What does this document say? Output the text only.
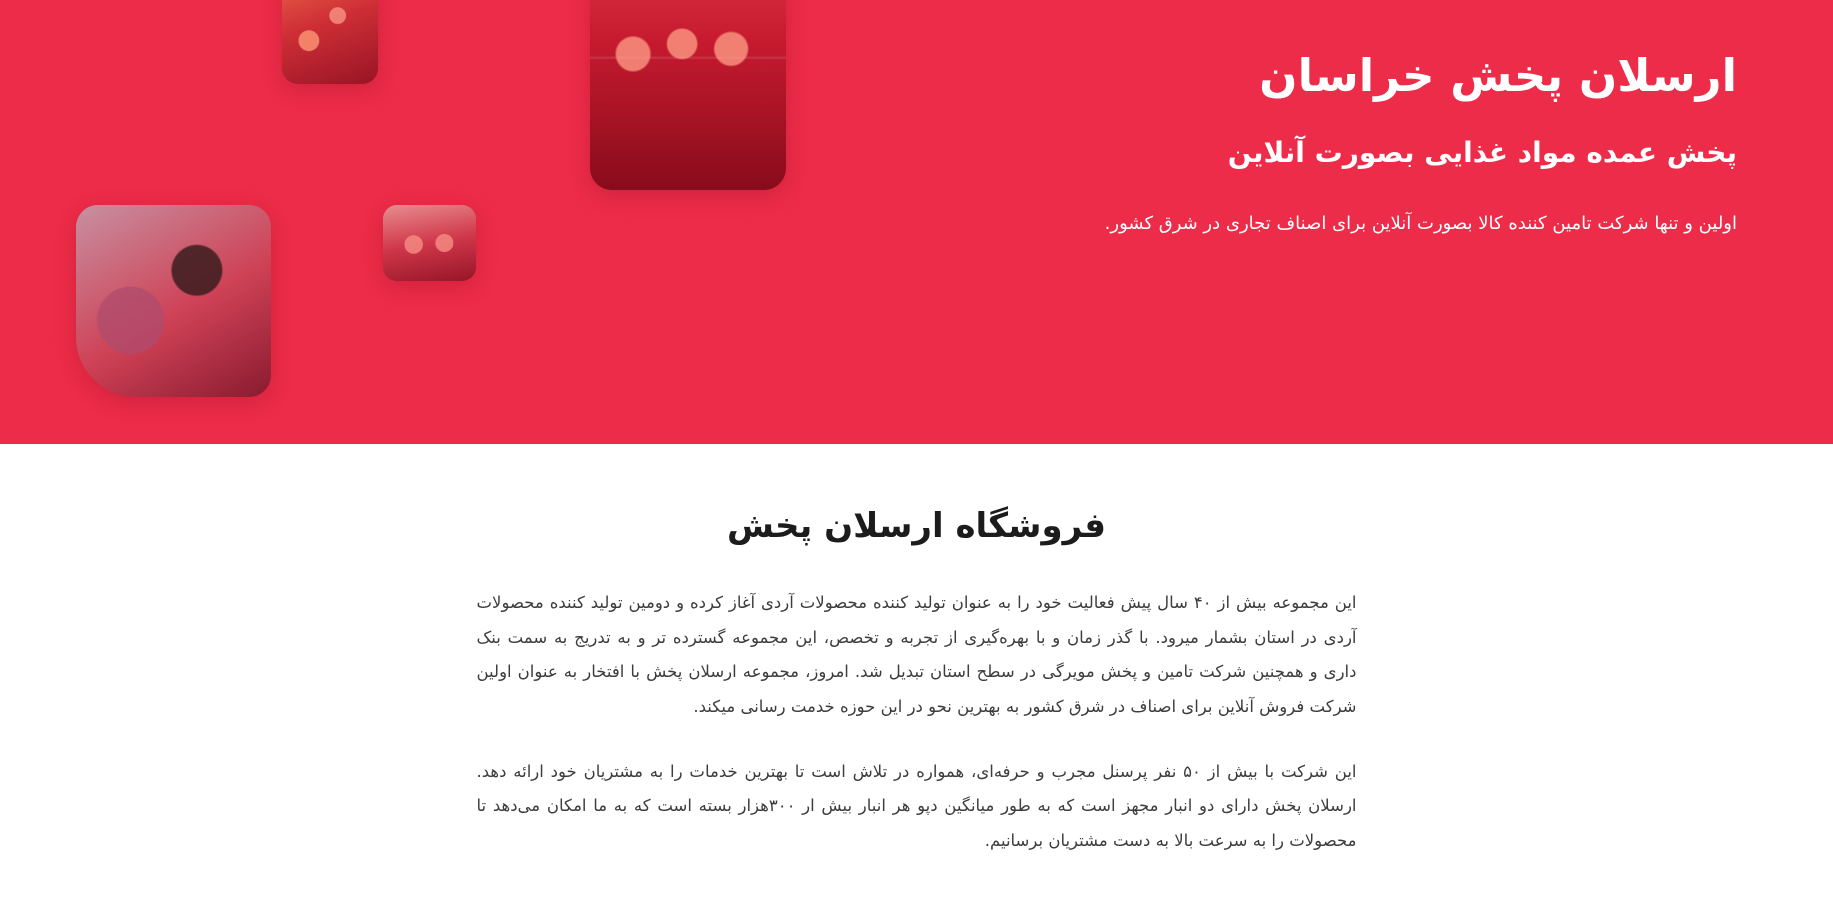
ارسلان پخش خراسان
پخش عمده مواد غذایی بصورت آنلاین

اولین و تنها شرکت تامین کننده کالا بصورت آنلاین برای اصناف تجاری در شرق کشور.

فروشگاه ارسلان پخش

این مجموعه بیش از ۴۰ سال پیش فعالیت خود را به عنوان تولید کننده محصولات آردی آغاز کرده و دومین تولید کننده محصولات آردی در استان بشمار میرود. با گذر زمان و با بهره‌گیری از تجربه و تخصص، این مجموعه گسترده تر و به تدریج به سمت بنک داری و همچنین شرکت تامین و پخش مویرگی در سطح استان تبدیل شد. امروز، مجموعه ارسلان پخش با افتخار به عنوان اولین شرکت فروش آنلاین برای اصناف در شرق کشور به بهترین نحو در این حوزه خدمت رسانی میکند.

این شرکت با بیش از ۵۰ نفر پرسنل مجرب و حرفه‌ای، همواره در تلاش است تا بهترین خدمات را به مشتریان خود ارائه دهد. ارسلان پخش دارای دو انبار مجهز است که به طور میانگین دپو هر انبار بیش ار ۳۰۰هزار بسته است که به ما امکان می‌دهد تا محصولات را به سرعت بالا به دست مشتریان برسانیم.
